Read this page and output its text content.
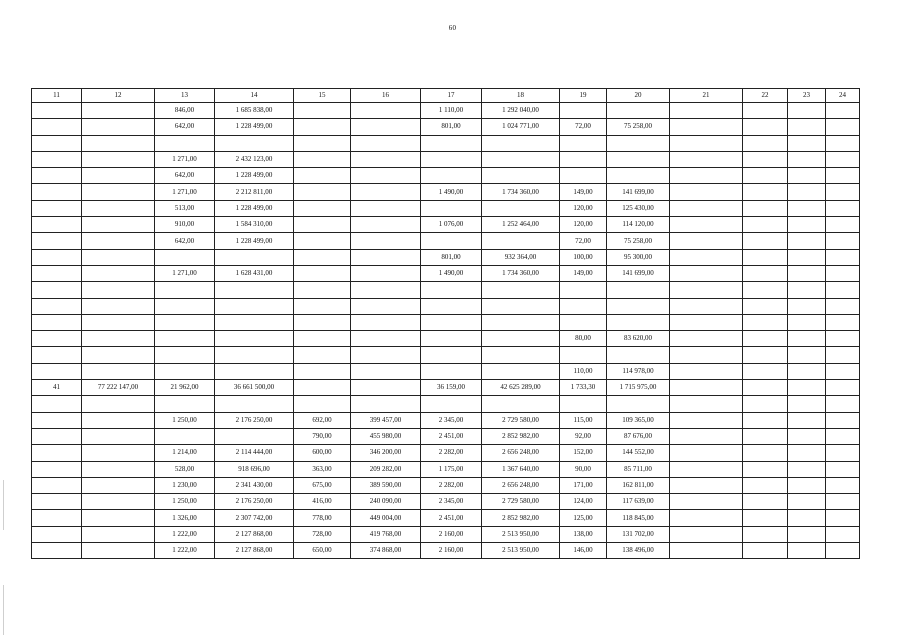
60
11	12	13	14	15	16	17	18	19	20	21	22	23	24
		846,00	1 685 838,00			1 110,00	1 292 040,00						
		642,00	1 228 499,00			801,00	1 024 771,00	72,00	75 258,00				

		1 271,00	2 432 123,00										
		642,00	1 228 499,00										
		1 271,00	2 212 811,00			1 490,00	1 734 360,00	149,00	141 699,00				
		513,00	1 228 499,00					120,00	125 430,00				
		910,00	1 584 310,00			1 076,00	1 252 464,00	120,00	114 120,00				
		642,00	1 228 499,00					72,00	75 258,00				
						801,00	932 364,00	100,00	95 300,00				
		1 271,00	1 628 431,00			1 490,00	1 734 360,00	149,00	141 699,00				

								80,00	83 620,00				

								110,00	114 978,00				
41	77 222 147,00	21 962,00	36 661 500,00			36 159,00	42 625 289,00	1 733,30	1 715 975,00				

		1 250,00	2 176 250,00	692,00	399 457,00	2 345,00	2 729 580,00	115,00	109 365,00				
				790,00	455 980,00	2 451,00	2 852 982,00	92,00	87 676,00				
		1 214,00	2 114 444,00	600,00	346 200,00	2 282,00	2 656 248,00	152,00	144 552,00				
		528,00	918 696,00	363,00	209 282,00	1 175,00	1 367 640,00	90,00	85 711,00				
		1 230,00	2 341 430,00	675,00	389 590,00	2 282,00	2 656 248,00	171,00	162 811,00				
		1 250,00	2 176 250,00	416,00	240 090,00	2 345,00	2 729 580,00	124,00	117 639,00				
		1 326,00	2 307 742,00	778,00	449 004,00	2 451,00	2 852 982,00	125,00	118 845,00				
		1 222,00	2 127 868,00	728,00	419 768,00	2 160,00	2 513 950,00	138,00	131 702,00				
		1 222,00	2 127 868,00	650,00	374 868,00	2 160,00	2 513 950,00	146,00	138 496,00				
